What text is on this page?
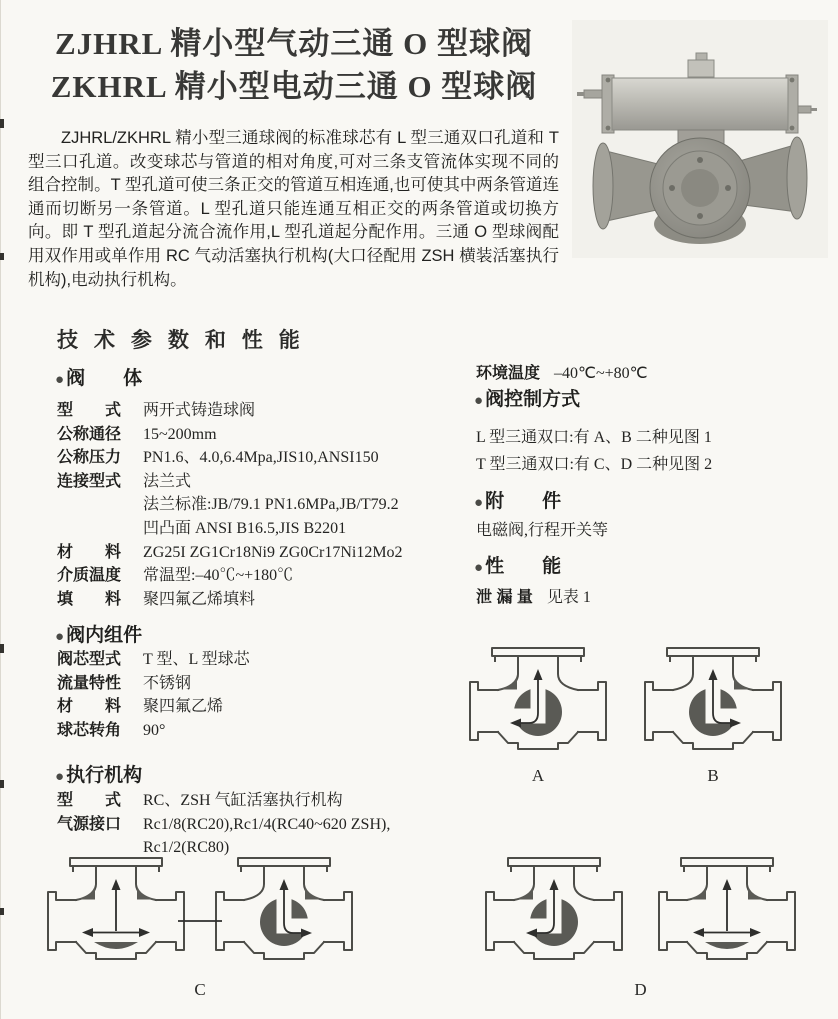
ZJHRL 精小型气动三通 O 型球阀
ZKHRL 精小型电动三通 O 型球阀
ZJHRL/ZKHRL 精小型三通球阀的标准球芯有 L 型三通双口孔道和 T 型三口孔道。改变球芯与管道的相对角度,可对三条支管流体实现不同的组合控制。T 型孔道可使三条正交的管道互相连通,也可使其中两条管道连通而切断另一条管道。L 型孔道只能连通互相正交的两条管道或切换方向。即 T 型孔道起分流合流作用,L 型孔道起分配作用。三通 O 型球阀配用双作用或单作用 RC 气动活塞执行机构(大口径配用 ZSH 横装活塞执行机构),电动执行机构。
技术参数和性能
● 阀　　体
型　　式	两开式铸造球阀
公称通径	15~200mm
公称压力	PN1.6、4.0,6.4Mpa,JIS10,ANSI150
连接型式	法兰式
法兰标准:JB/79.1 PN1.6MPa,JB/T79.2
凹凸面 ANSI B16.5,JIS B2201
材　　料	ZG25I ZG1Cr18Ni9 ZG0Cr17Ni12Mo2
介质温度	常温型:–40℃~+180℃
填　　料	聚四氟乙烯填料
环境温度 –40℃~+80℃
● 阀控制方式
L 型三通双口:有 A、B 二种见图 1
T 型三通双口:有 C、D 二种见图 2
● 附　　件
电磁阀,行程开关等
● 性　　能
泄 漏 量 见表 1
● 阀内组件
阀芯型式	T 型、L 型球芯
流量特性	不锈钢
材　　料	聚四氟乙烯
球芯转角	90°
● 执行机构
型　　式	RC、ZSH 气缸活塞执行机构
气源接口	Rc1/8(RC20),Rc1/4(RC40~620 ZSH),
Rc1/2(RC80)
A	B
C	D
